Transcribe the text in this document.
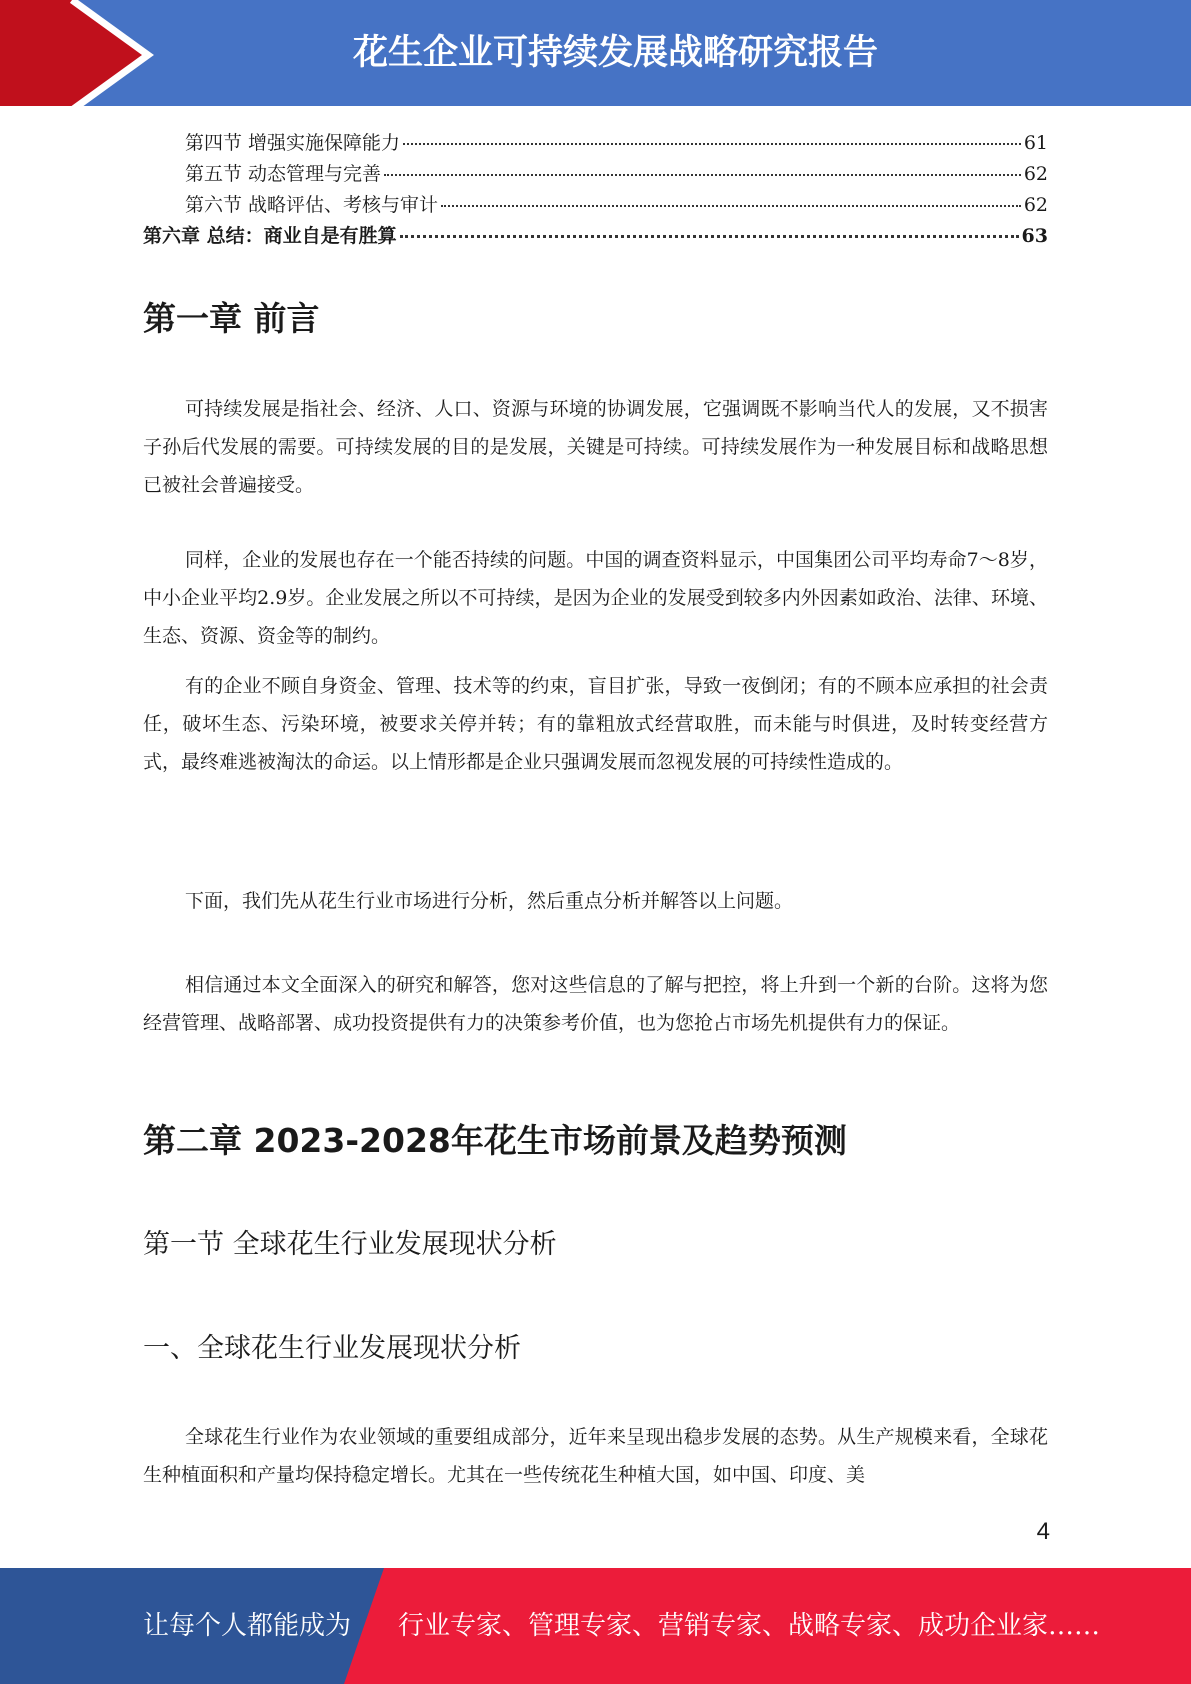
花生企业可持续发展战略研究报告
第四节 增强实施保障能力	61
第五节 动态管理与完善	62
第六节 战略评估、考核与审计	62
第六章 总结：商业自是有胜算	63
第一章 前言

可持续发展是指社会、经济、人口、资源与环境的协调发展，它强调既不影响当代人的发展，又不损害子孙后代发展的需要。可持续发展的目的是发展，关键是可持续。可持续发展作为一种发展目标和战略思想已被社会普遍接受。

同样，企业的发展也存在一个能否持续的问题。中国的调查资料显示，中国集团公司平均寿命7～8岁，中小企业平均2.9岁。企业发展之所以不可持续，是因为企业的发展受到较多内外因素如政治、法律、环境、生态、资源、资金等的制约。

有的企业不顾自身资金、管理、技术等的约束，盲目扩张，导致一夜倒闭；有的不顾本应承担的社会责任，破坏生态、污染环境，被要求关停并转；有的靠粗放式经营取胜，而未能与时俱进，及时转变经营方式，最终难逃被淘汰的命运。以上情形都是企业只强调发展而忽视发展的可持续性造成的。

下面，我们先从花生行业市场进行分析，然后重点分析并解答以上问题。

相信通过本文全面深入的研究和解答，您对这些信息的了解与把控，将上升到一个新的台阶。这将为您经营管理、战略部署、成功投资提供有力的决策参考价值，也为您抢占市场先机提供有力的保证。

第二章 2023-2028年花生市场前景及趋势预测
第一节 全球花生行业发展现状分析
一、全球花生行业发展现状分析

全球花生行业作为农业领域的重要组成部分，近年来呈现出稳步发展的态势。从生产规模来看，全球花生种植面积和产量均保持稳定增长。尤其在一些传统花生种植大国，如中国、印度、美

4
让每个人都能成为 行业专家、管理专家、营销专家、战略专家、成功企业家……
